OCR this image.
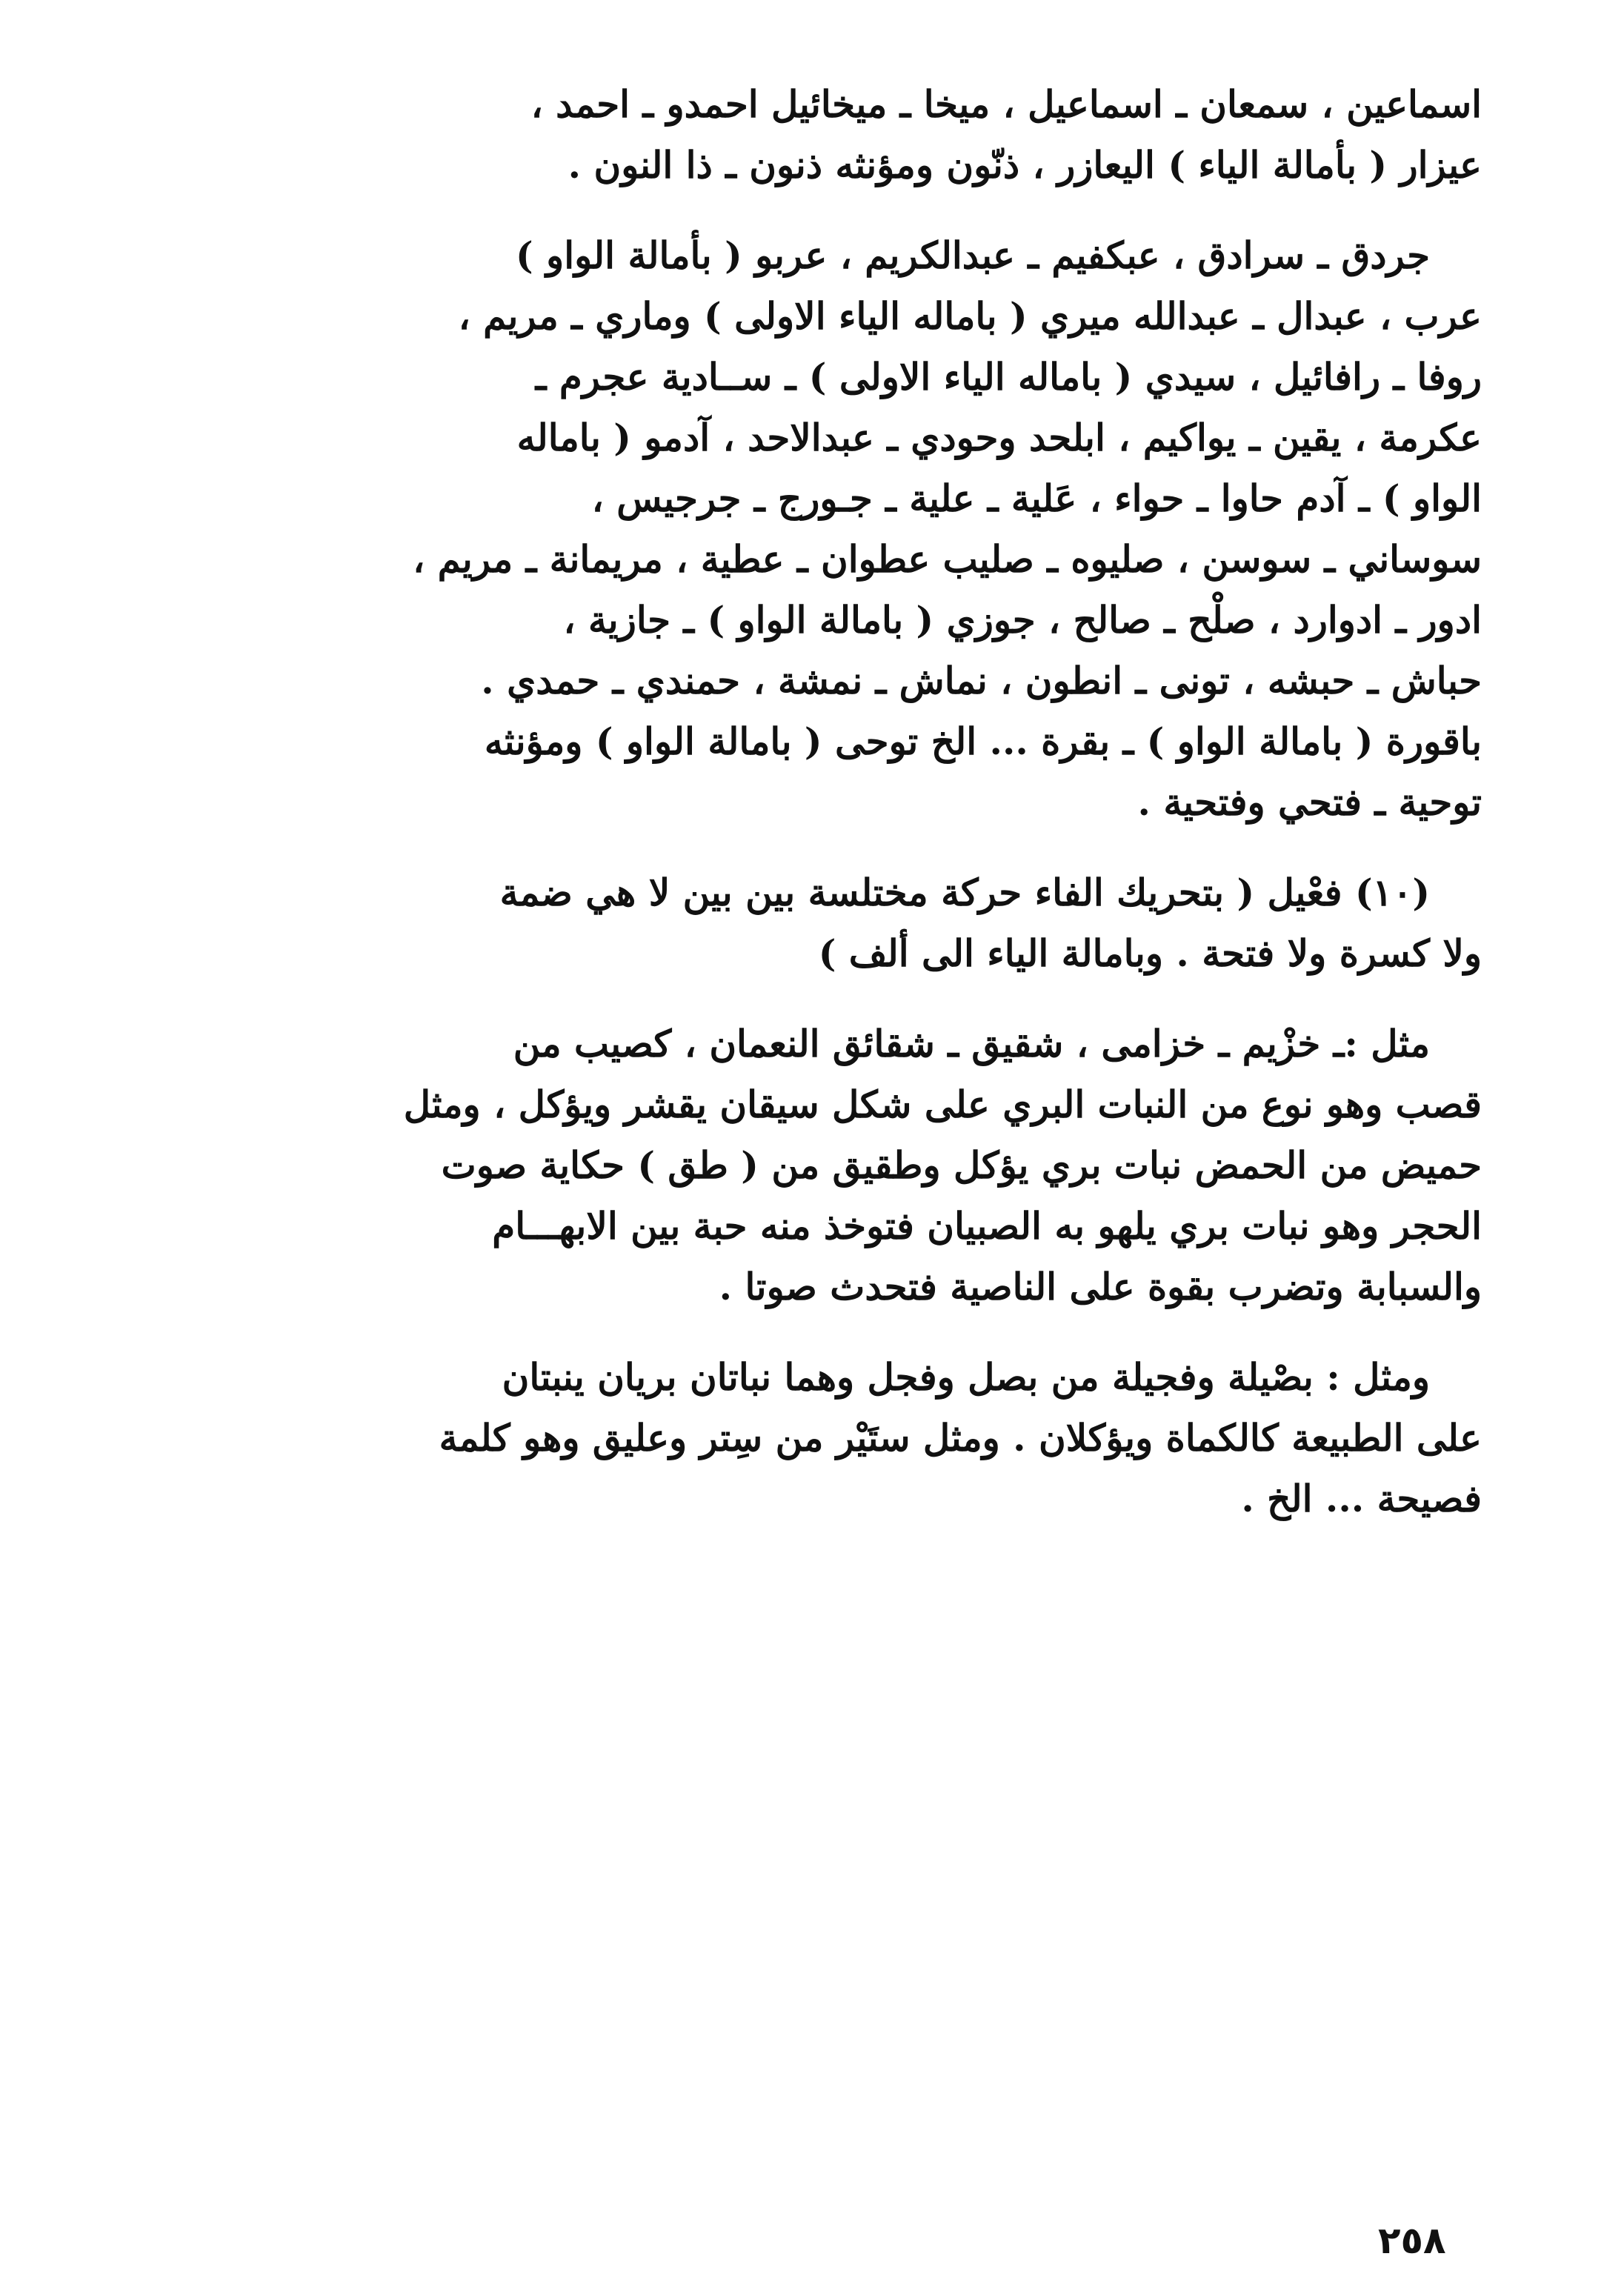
اسماعين ، سمعان ـ اسماعيل ، ميخا ـ ميخائيل احمدو ـ احمد ،
عيزار ( بأمالة الياء ) اليعازر ، ذنّون ومؤنثه ذنون ـ ذا النون .

جردق ـ سرادق ، عبكفيم ـ عبدالكريم ، عربو ( بأمالة الواو )
عرب ، عبدال ـ عبدالله ميري ( باماله الياء الاولى ) وماري ـ مريم ،
روفا ـ رافائيل ، سيدي ( باماله الياء الاولى ) ـ ســادية عجرم ـ
عكرمة ، يقين ـ يواكيم ، ابلحد وحودي ـ عبدالاحد ، آدمو ( باماله
الواو ) ـ آدم حاوا ـ حواء ، عَلية ـ علية ـ جـورج ـ جرجيس ،
سوساني ـ سوسن ، صليوه ـ صليب عطوان ـ عطية ، مريمانة ـ مريم ،
ادور ـ ادوارد ، صلْح ـ صالح ، جوزي ( بامالة الواو ) ـ جازية ،
حباش ـ حبشه ، تونى ـ انطون ، نماش ـ نمشة ، حمندي ـ حمدي .
باقورة ( بامالة الواو ) ـ بقرة ... الخ توحى ( بامالة الواو ) ومؤنثه
توحية ـ فتحي وفتحية .

(١٠) فعْيل ( بتحريك الفاء حركة مختلسة بين بين لا هي ضمة
ولا كسرة ولا فتحة . وبامالة الياء الى ألف )

مثل :ـ خزْيم ـ خزامى ، شقيق ـ شقائق النعمان ، كصيب من
قصب وهو نوع من النبات البري على شكل سيقان يقشر ويؤكل ، ومثل
حميض من الحمض نبات بري يؤكل وطقيق من ( طق ) حكاية صوت
الحجر وهو نبات بري يلهو به الصبيان فتوخذ منه حبة بين الابهـــام
والسبابة وتضرب بقوة على الناصية فتحدث صوتا .

ومثل : بصْيلة وفجيلة من بصل وفجل وهما نباتان بريان ينبتان
على الطبيعة كالكماة ويؤكلان . ومثل ستَيْر من سِتر وعليق وهو كلمة
فصيحة ... الخ .

٢٥٨
